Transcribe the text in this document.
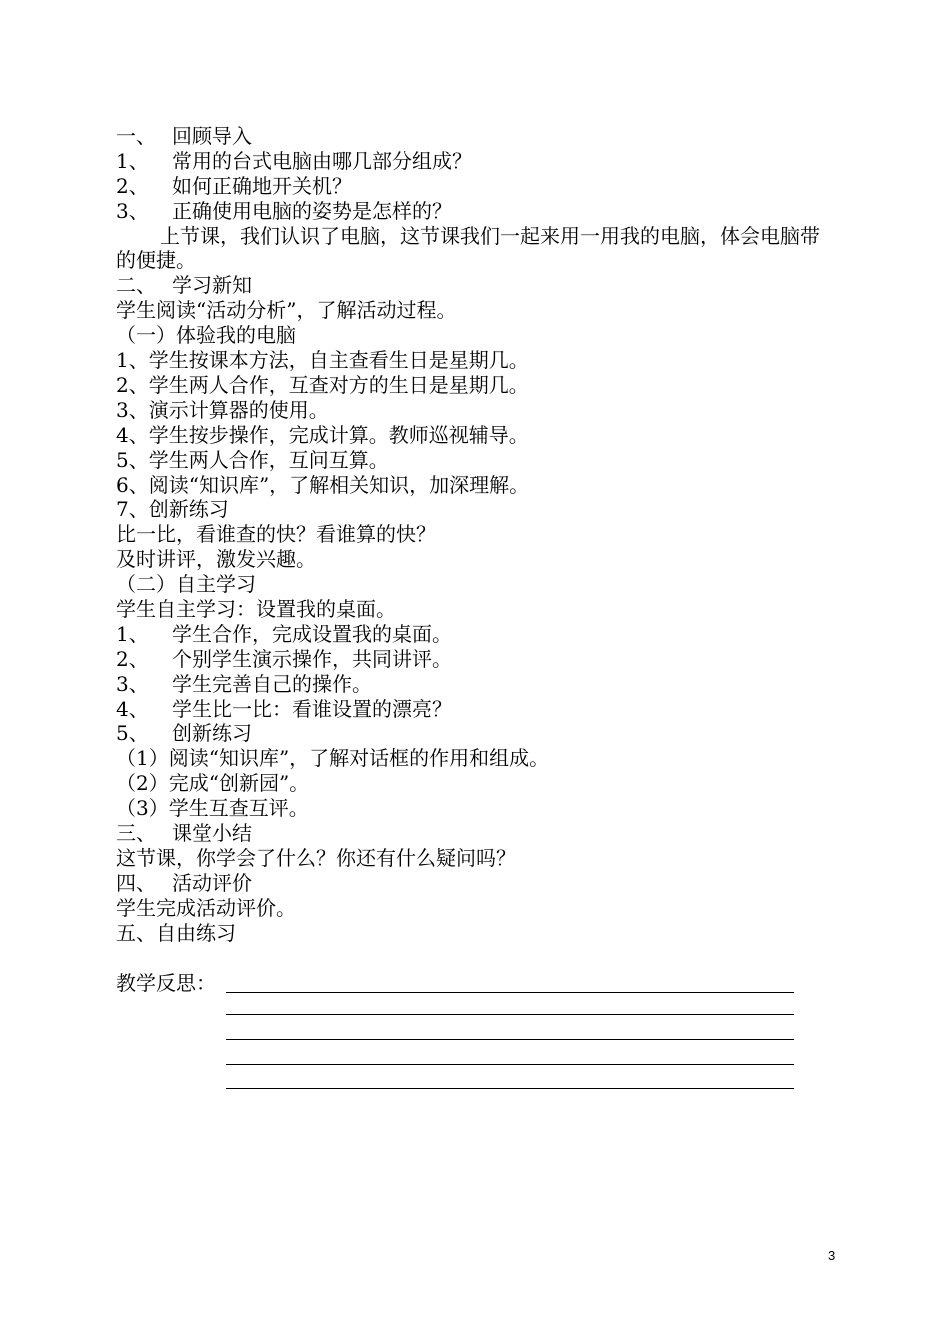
一、 回顾导入
1、 常用的台式电脑由哪几部分组成？
2、 如何正确地开关机？
3、 正确使用电脑的姿势是怎样的？
上节课，我们认识了电脑，这节课我们一起来用一用我的电脑，体会电脑带的便捷。
二、 学习新知
学生阅读“活动分析”，了解活动过程。
（一）体验我的电脑
1、学生按课本方法，自主查看生日是星期几。
2、学生两人合作，互查对方的生日是星期几。
3、演示计算器的使用。
4、学生按步操作，完成计算。教师巡视辅导。
5、学生两人合作，互问互算。
6、阅读“知识库”，了解相关知识，加深理解。
7、创新练习
比一比，看谁查的快？看谁算的快？
及时讲评，激发兴趣。
（二）自主学习
学生自主学习：设置我的桌面。
1、 学生合作，完成设置我的桌面。
2、 个别学生演示操作，共同讲评。
3、 学生完善自己的操作。
4、 学生比一比：看谁设置的漂亮？
5、 创新练习
（1）阅读“知识库”，了解对话框的作用和组成。
（2）完成“创新园”。
（3）学生互查互评。
三、 课堂小结
这节课，你学会了什么？你还有什么疑问吗？
四、 活动评价
学生完成活动评价。
五、自由练习
教学反思：
3
